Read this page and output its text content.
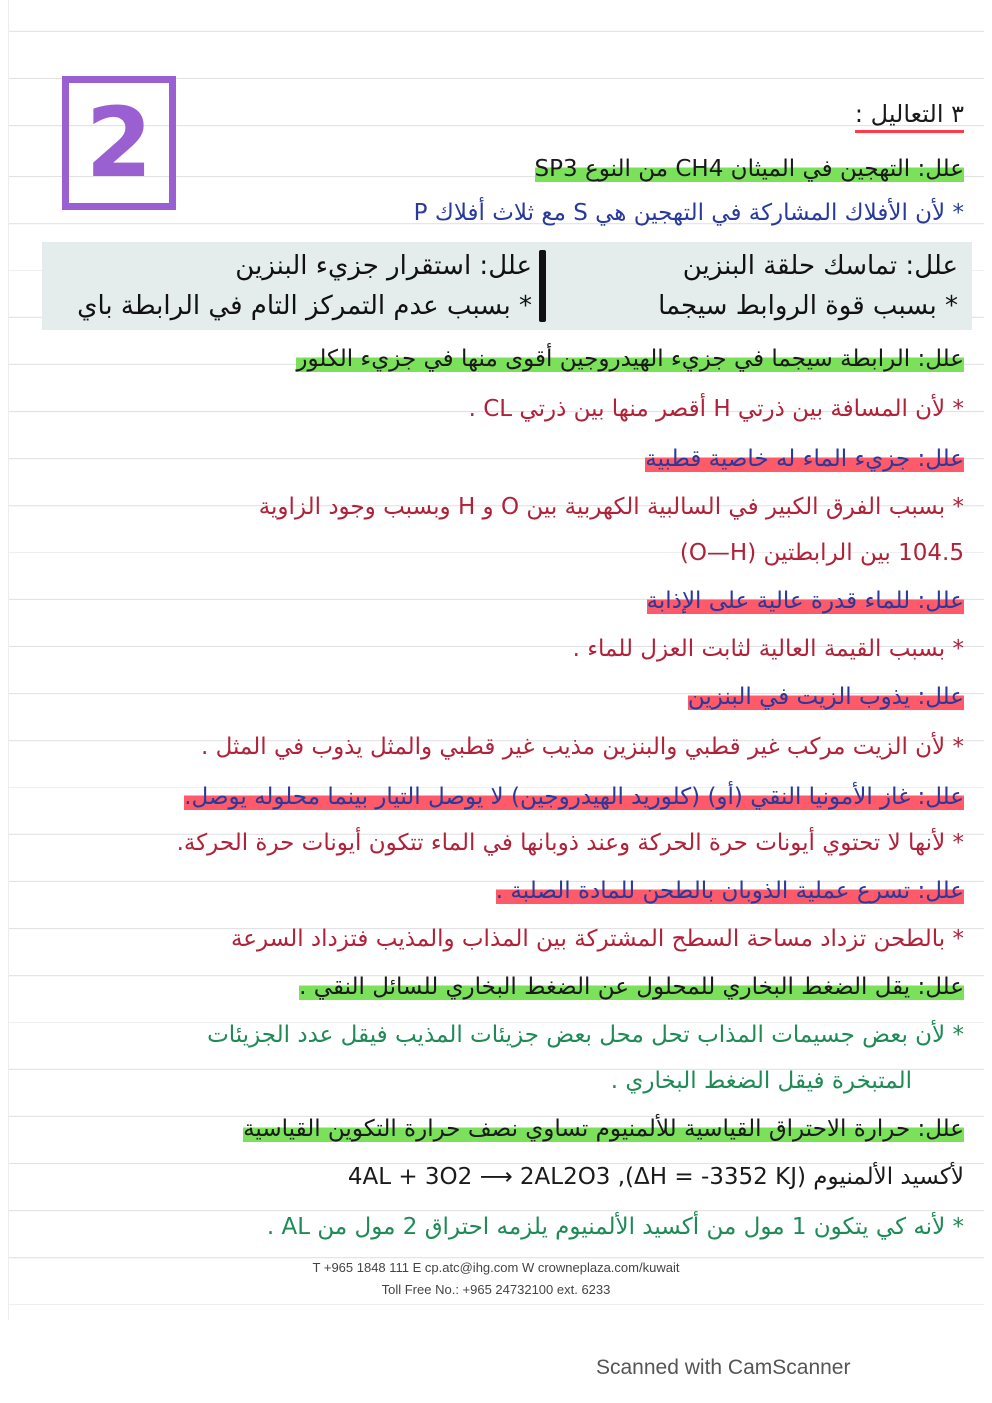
2	٣ التعاليل :
علل: التهجين في الميثان CH4 من النوع SP3
* لأن الأفلاك المشاركة في التهجين هي S مع ثلاث أفلاك P
علل: تماسك حلقة البنزين
* بسبب قوة الروابط سيجما
علل: استقرار جزيء البنزين
* بسبب عدم التمركز التام في الرابطة باي
علل: الرابطة سيجما في جزيء الهيدروجين أقوى منها في جزيء الكلور
* لأن المسافة بين ذرتي H أقصر منها بين ذرتي CL .
علل: جزيء الماء له خاصية قطبية
* بسبب الفرق الكبير في السالبية الكهربية بين O و H وبسبب وجود الزاوية
104.5 بين الرابطتين (O—H)
علل: للماء قدرة عالية على الإذابة
* بسبب القيمة العالية لثابت العزل للماء .
علل: يذوب الزيت في البنزين
* لأن الزيت مركب غير قطبي والبنزين مذيب غير قطبي والمثل يذوب في المثل .
علل: غاز الأمونيا النقي (أو) (كلوريد الهيدروجين) لا يوصل التيار بينما محلوله يوصل.
* لأنها لا تحتوي أيونات حرة الحركة وعند ذوبانها في الماء تتكون أيونات حرة الحركة.
علل: تسرع عملية الذوبان بالطحن للمادة الصلبة .
* بالطحن تزداد مساحة السطح المشتركة بين المذاب والمذيب فتزداد السرعة
علل: يقل الضغط البخاري للمحلول عن الضغط البخاري للسائل النقي .
* لأن بعض جسيمات المذاب تحل محل بعض جزيئات المذيب فيقل عدد الجزيئات
المتبخرة فيقل الضغط البخاري .
علل: حرارة الاحتراق القياسية للألمنيوم تساوي نصف حرارة التكوين القياسية
لأكسيد الألمنيوم (ΔH = -3352 KJ), 4AL + 3O2 ⟶ 2AL2O3
* لأنه كي يتكون 1 مول من أكسيد الألمنيوم يلزمه احتراق 2 مول من AL .
T +965 1848 111 E cp.atc@ihg.com W crowneplaza.com/kuwait
Toll Free No.: +965 24732100 ext. 6233
Scanned with CamScanner
